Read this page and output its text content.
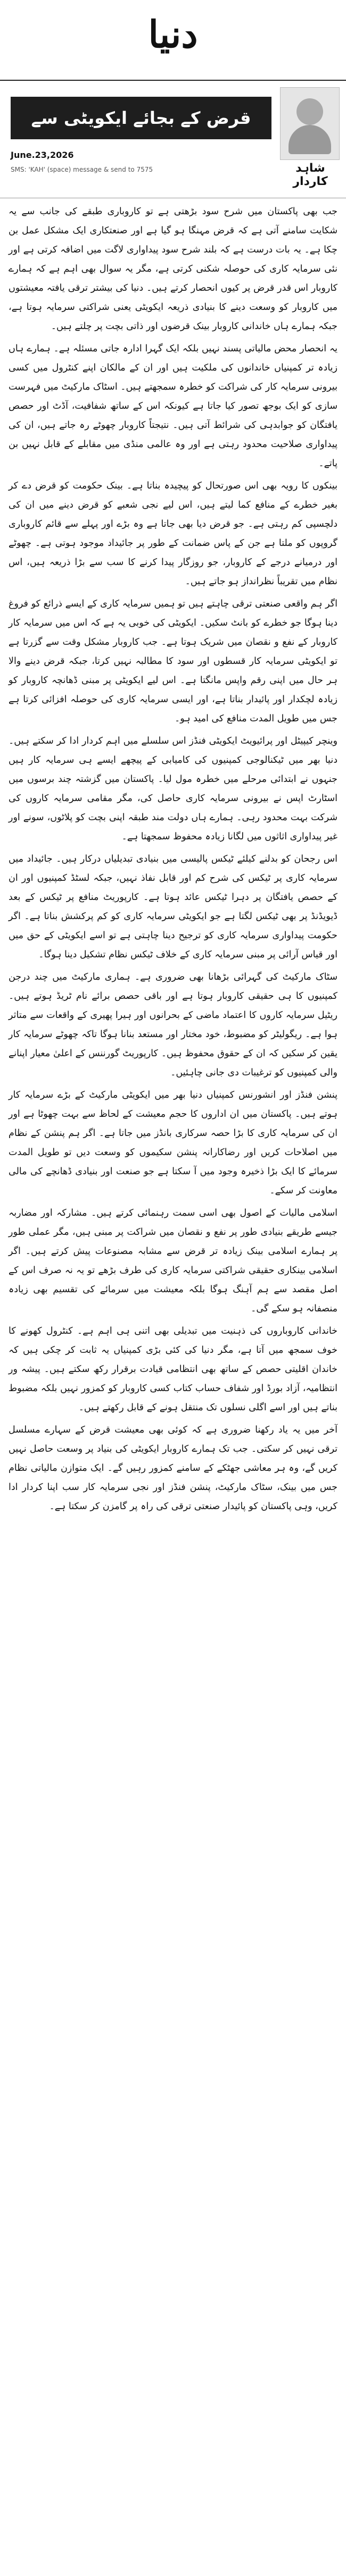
دنیا
شاہد کاردار
قرض کے بجائے ایکویٹی سے کاروبار
June.23,2026
SMS: 'KAH' (space) message & send to 7575

جب بھی پاکستان میں شرح سود بڑھتی ہے تو کاروباری طبقے کی جانب سے یہ شکایت سامنے آتی ہے کہ قرض مہنگا ہو گیا ہے اور صنعتکاری ایک مشکل عمل بن چکا ہے۔ یہ بات درست ہے کہ بلند شرح سود پیداواری لاگت میں اضافہ کرتی ہے اور نئی سرمایہ کاری کی حوصلہ شکنی کرتی ہے، مگر یہ سوال بھی اہم ہے کہ ہمارے کاروبار اس قدر قرض پر کیوں انحصار کرتے ہیں۔ دنیا کی بیشتر ترقی یافتہ معیشتوں میں کاروبار کو وسعت دینے کا بنیادی ذریعہ ایکویٹی یعنی شراکتی سرمایہ ہوتا ہے، جبکہ ہمارے ہاں خاندانی کاروبار بینک قرضوں اور ذاتی بچت پر چلتے ہیں۔

یہ انحصار محض مالیاتی پسند نہیں بلکہ ایک گہرا ادارہ جاتی مسئلہ ہے۔ ہمارے ہاں زیادہ تر کمپنیاں خاندانوں کی ملکیت ہیں اور ان کے مالکان اپنے کنٹرول میں کسی بیرونی سرمایہ کار کی شراکت کو خطرہ سمجھتے ہیں۔ اسٹاک مارکیٹ میں فہرست سازی کو ایک بوجھ تصور کیا جاتا ہے کیونکہ اس کے ساتھ شفافیت، آڈٹ اور حصص یافتگان کو جوابدہی کی شرائط آتی ہیں۔ نتیجتاً کاروبار چھوٹے رہ جاتے ہیں، ان کی پیداواری صلاحیت محدود رہتی ہے اور وہ عالمی منڈی میں مقابلے کے قابل نہیں بن پاتے۔

بینکوں کا رویہ بھی اس صورتحال کو پیچیدہ بناتا ہے۔ بینک حکومت کو قرض دے کر بغیر خطرے کے منافع کما لیتے ہیں، اس لیے نجی شعبے کو قرض دینے میں ان کی دلچسپی کم رہتی ہے۔ جو قرض دیا بھی جاتا ہے وہ بڑے اور پہلے سے قائم کاروباری گروپوں کو ملتا ہے جن کے پاس ضمانت کے طور پر جائیداد موجود ہوتی ہے۔ چھوٹے اور درمیانے درجے کے کاروبار، جو روزگار پیدا کرنے کا سب سے بڑا ذریعہ ہیں، اس نظام میں تقریباً نظرانداز ہو جاتے ہیں۔

اگر ہم واقعی صنعتی ترقی چاہتے ہیں تو ہمیں سرمایہ کاری کے ایسے ذرائع کو فروغ دینا ہوگا جو خطرے کو بانٹ سکیں۔ ایکویٹی کی خوبی یہ ہے کہ اس میں سرمایہ کار کاروبار کے نفع و نقصان میں شریک ہوتا ہے۔ جب کاروبار مشکل وقت سے گزرتا ہے تو ایکویٹی سرمایہ کار قسطوں اور سود کا مطالبہ نہیں کرتا، جبکہ قرض دینے والا ہر حال میں اپنی رقم واپس مانگتا ہے۔ اس لیے ایکویٹی پر مبنی ڈھانچہ کاروبار کو زیادہ لچکدار اور پائیدار بناتا ہے، اور ایسی سرمایہ کاری کی حوصلہ افزائی کرتا ہے جس میں طویل المدت منافع کی امید ہو۔

وینچر کیپیٹل اور پرائیویٹ ایکویٹی فنڈز اس سلسلے میں اہم کردار ادا کر سکتے ہیں۔ دنیا بھر میں ٹیکنالوجی کمپنیوں کی کامیابی کے پیچھے ایسے ہی سرمایہ کار ہیں جنہوں نے ابتدائی مرحلے میں خطرہ مول لیا۔ پاکستان میں گزشتہ چند برسوں میں اسٹارٹ اپس نے بیرونی سرمایہ کاری حاصل کی، مگر مقامی سرمایہ کاروں کی شرکت بہت محدود رہی۔ ہمارے ہاں دولت مند طبقہ اپنی بچت کو پلاٹوں، سونے اور غیر پیداواری اثاثوں میں لگانا زیادہ محفوظ سمجھتا ہے۔

اس رجحان کو بدلنے کیلئے ٹیکس پالیسی میں بنیادی تبدیلیاں درکار ہیں۔ جائیداد میں سرمایہ کاری پر ٹیکس کی شرح کم اور قابل نفاذ نہیں، جبکہ لسٹڈ کمپنیوں اور ان کے حصص یافتگان پر دہرا ٹیکس عائد ہوتا ہے۔ کارپوریٹ منافع پر ٹیکس کے بعد ڈیویڈنڈ پر بھی ٹیکس لگتا ہے جو ایکویٹی سرمایہ کاری کو کم پرکشش بناتا ہے۔ اگر حکومت پیداواری سرمایہ کاری کو ترجیح دینا چاہتی ہے تو اسے ایکویٹی کے حق میں اور قیاس آرائی پر مبنی سرمایہ کاری کے خلاف ٹیکس نظام تشکیل دینا ہوگا۔

سٹاک مارکیٹ کی گہرائی بڑھانا بھی ضروری ہے۔ ہماری مارکیٹ میں چند درجن کمپنیوں کا ہی حقیقی کاروبار ہوتا ہے اور باقی حصص برائے نام ٹریڈ ہوتے ہیں۔ ریٹیل سرمایہ کاروں کا اعتماد ماضی کے بحرانوں اور ہیرا پھیری کے واقعات سے متاثر ہوا ہے۔ ریگولیٹر کو مضبوط، خود مختار اور مستعد بنانا ہوگا تاکہ چھوٹے سرمایہ کار یقین کر سکیں کہ ان کے حقوق محفوظ ہیں۔ کارپوریٹ گورننس کے اعلیٰ معیار اپنانے والی کمپنیوں کو ترغیبات دی جانی چاہئیں۔

پنشن فنڈز اور انشورنس کمپنیاں دنیا بھر میں ایکویٹی مارکیٹ کے بڑے سرمایہ کار ہوتے ہیں۔ پاکستان میں ان اداروں کا حجم معیشت کے لحاظ سے بہت چھوٹا ہے اور ان کی سرمایہ کاری کا بڑا حصہ سرکاری بانڈز میں جاتا ہے۔ اگر ہم پنشن کے نظام میں اصلاحات کریں اور رضاکارانہ پنشن سکیموں کو وسعت دیں تو طویل المدت سرمائے کا ایک بڑا ذخیرہ وجود میں آ سکتا ہے جو صنعت اور بنیادی ڈھانچے کی مالی معاونت کر سکے۔

اسلامی مالیات کے اصول بھی اسی سمت رہنمائی کرتے ہیں۔ مشارکہ اور مضاربہ جیسے طریقے بنیادی طور پر نفع و نقصان میں شراکت پر مبنی ہیں، مگر عملی طور پر ہمارے اسلامی بینک زیادہ تر قرض سے مشابہ مصنوعات پیش کرتے ہیں۔ اگر اسلامی بینکاری حقیقی شراکتی سرمایہ کاری کی طرف بڑھے تو یہ نہ صرف اس کے اصل مقصد سے ہم آہنگ ہوگا بلکہ معیشت میں سرمائے کی تقسیم بھی زیادہ منصفانہ ہو سکے گی۔

خاندانی کاروباروں کی ذہنیت میں تبدیلی بھی اتنی ہی اہم ہے۔ کنٹرول کھونے کا خوف سمجھ میں آتا ہے، مگر دنیا کی کئی بڑی کمپنیاں یہ ثابت کر چکی ہیں کہ خاندان اقلیتی حصص کے ساتھ بھی انتظامی قیادت برقرار رکھ سکتے ہیں۔ پیشہ ور انتظامیہ، آزاد بورڈ اور شفاف حساب کتاب کسی کاروبار کو کمزور نہیں بلکہ مضبوط بناتے ہیں اور اسے اگلی نسلوں تک منتقل ہونے کے قابل رکھتے ہیں۔

آخر میں یہ یاد رکھنا ضروری ہے کہ کوئی بھی معیشت قرض کے سہارے مسلسل ترقی نہیں کر سکتی۔ جب تک ہمارے کاروبار ایکویٹی کی بنیاد پر وسعت حاصل نہیں کریں گے، وہ ہر معاشی جھٹکے کے سامنے کمزور رہیں گے۔ ایک متوازن مالیاتی نظام جس میں بینک، سٹاک مارکیٹ، پنشن فنڈز اور نجی سرمایہ کار سب اپنا کردار ادا کریں، وہی پاکستان کو پائیدار صنعتی ترقی کی راہ پر گامزن کر سکتا ہے۔
